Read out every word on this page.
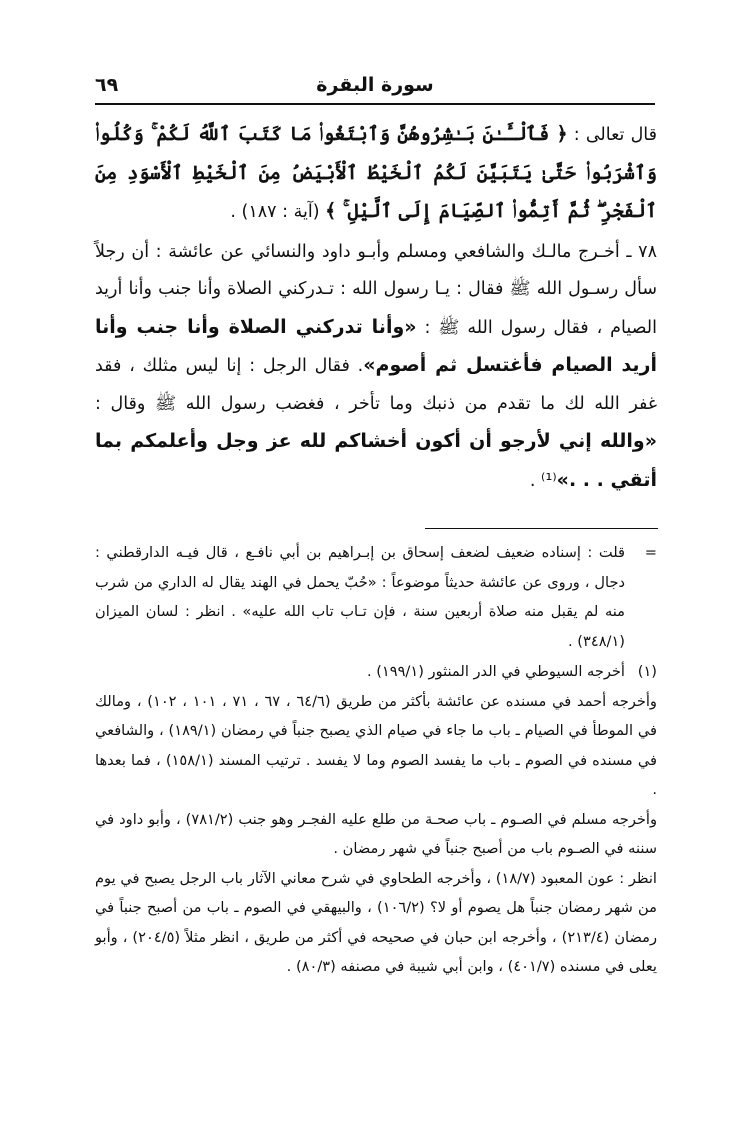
سورة البقرة
٦٩

قال تعالى : ﴿ فَٱلْـَٔـٰنَ بَـٰشِرُوهُنَّ وَٱبْتَغُوا۟ مَا كَتَبَ ٱللَّهُ لَكُمْ ۚ وَكُلُوا۟ وَٱشْرَبُوا۟ حَتَّىٰ يَتَبَيَّنَ لَكُمُ ٱلْخَيْطُ ٱلْأَبْيَضُ مِنَ ٱلْخَيْطِ ٱلْأَسْوَدِ مِنَ ٱلْفَجْرِ ۖ ثُمَّ أَتِمُّوا۟ ٱلصِّيَامَ إِلَى ٱلَّيْلِ ۚ ﴾ (آية : ١٨٧) .

٧٨ ـ أخـرج مالـك والشافعي ومسلم وأبـو داود والنسائي عن عائشة : أن رجلاً سأل رسـول الله ﷺ فقال : يـا رسول الله : تـدركني الصلاة وأنا جنب وأنا أريد الصيام ، فقال رسول الله ﷺ : «وأنا تدركني الصلاة وأنا جنب وأنا أريد الصيام فأغتسل ثم أصوم». فقال الرجل : إنا ليس مثلك ، فقد غفر الله لك ما تقدم من ذنبك وما تأخر ، فغضب رسول الله ﷺ وقال : «والله إني لأرجو أن أكون أخشاكم لله عز وجل وأعلمكم بما أتقي . . .»⁽¹⁾ .

=

قلت : إسناده ضعيف لضعف إسحاق بن إبـراهيم بن أبي نافـع ، قال فيـه الدارقطني : دجال ، وروى عن عائشة حديثاً موضوعاً : «حُبّ يحمل في الهند يقال له الداري من شرب منه لم يقبل منه صلاة أربعين سنة ، فإن تـاب تاب الله عليه» . انظر : لسان الميزان (٣٤٨/١) .

(١)

أخرجه السيوطي في الدر المنثور (١٩٩/١) .

وأخرجه أحمد في مسنده عن عائشة بأكثر من طريق (٦٤/٦ ، ٦٧ ، ٧١ ، ١٠١ ، ١٠٢) ، ومالك في الموطأ في الصيام ـ باب ما جاء في صيام الذي يصبح جنباً في رمضان (١٨٩/١) ، والشافعي في مسنده في الصوم ـ باب ما يفسد الصوم وما لا يفسد . ترتيب المسند (١٥٨/١) ، فما بعدها .

وأخرجه مسلم في الصـوم ـ باب صحـة من طلع عليه الفجـر وهو جنب (٧٨١/٢) ، وأبو داود في سننه في الصـوم باب من أصبح جنباً في شهر رمضان .

انظر : عون المعبود (١٨/٧) ، وأخرجه الطحاوي في شرح معاني الآثار باب الرجل يصبح في يوم من شهر رمضان جنباً هل يصوم أو لا؟ (١٠٦/٢) ، والبيهقي في الصوم ـ باب من أصبح جنباً في رمضان (٢١٣/٤) ، وأخرجه ابن حبان في صحيحه في أكثر من طريق ، انظر مثلاً (٢٠٤/٥) ، وأبو يعلى في مسنده (٤٠١/٧) ، وابن أبي شيبة في مصنفه (٨٠/٣) .
